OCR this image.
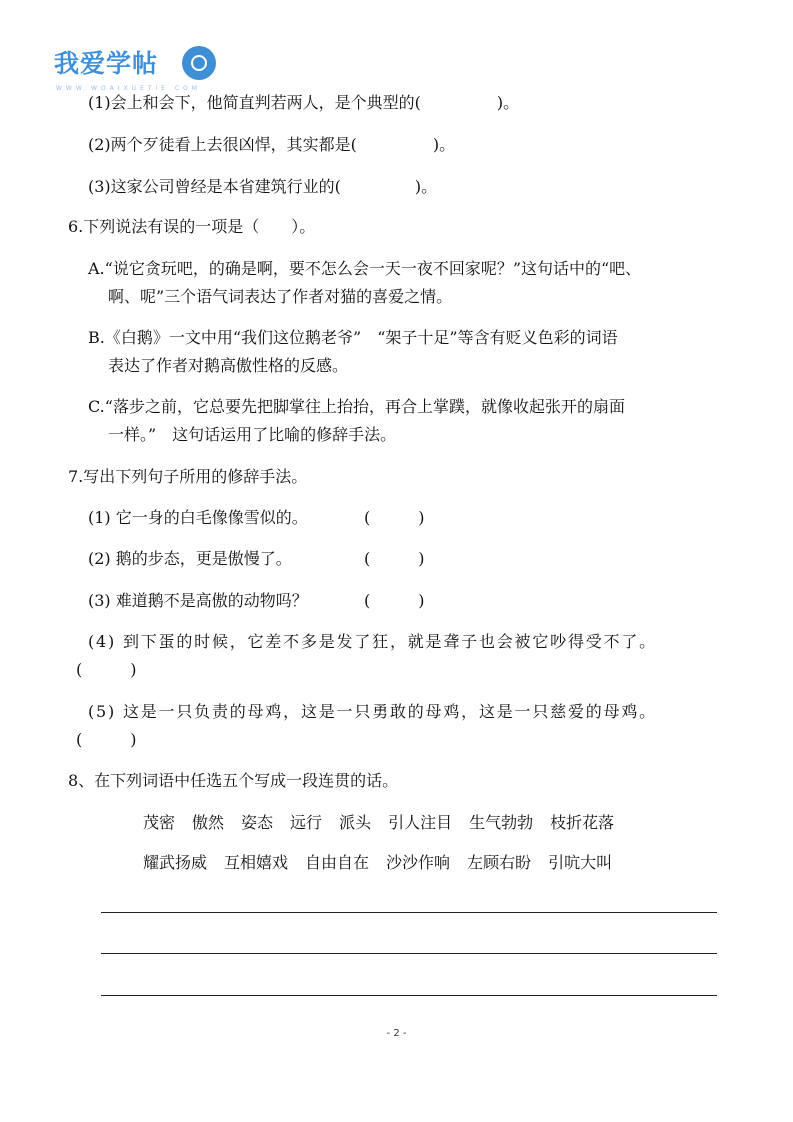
我爱学帖
WWW.WOAIXUETIE.COM
(1)会上和会下，他简直判若两人，是个典型的(	)。
(2)两个歹徒看上去很凶悍，其实都是(	)。
(3)这家公司曾经是本省建筑行业的(	)。
6.下列说法有误的一项是（　　）。
A.“说它贪玩吧，的确是啊，要不怎么会一天一夜不回家呢？”这句话中的“吧、
啊、呢”三个语气词表达了作者对猫的喜爱之情。
B.《白鹅》一文中用“我们这位鹅老爷”　“架子十足”等含有贬义色彩的词语
表达了作者对鹅高傲性格的反感。
C.“落步之前，它总要先把脚掌往上抬抬，再合上掌蹼，就像收起张开的扇面
一样。”　这句话运用了比喻的修辞手法。
7.写出下列句子所用的修辞手法。
(1) 它一身的白毛像像雪似的。	(　　　)
(2) 鹅的步态，更是傲慢了。	(　　　)
(3) 难道鹅不是高傲的动物吗？	(　　　)
(4) 到下蛋的时候，它差不多是发了狂，就是聋子也会被它吵得受不了。
(　　　)
(5) 这是一只负责的母鸡，这是一只勇敢的母鸡，这是一只慈爱的母鸡。
(　　　)
8、在下列词语中任选五个写成一段连贯的话。
茂密 傲然 姿态 远行 派头 引人注目 生气勃勃 枝折花落
耀武扬威 互相嬉戏 自由自在 沙沙作响 左顾右盼 引吭大叫
- 2 -
